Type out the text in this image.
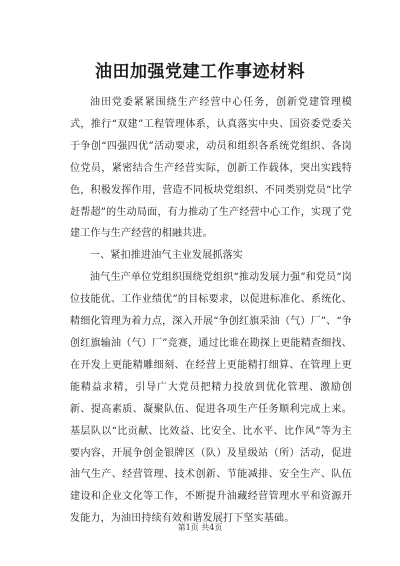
油田加强党建工作事迹材料

油田党委紧紧围绕生产经营中心任务，创新党建管理模式，推行“双建”工程管理体系，认真落实中央、国资委党委关于争创“四强四优”活动要求，动员和组织各系统党组织、各岗位党员，紧密结合生产经营实际，创新工作载体，突出实践特色，积极发挥作用，营造不同板块党组织、不同类别党员“比学赶帮超”的生动局面，有力推动了生产经营中心工作，实现了党建工作与生产经营的相融共进。

一、紧扣推进油气主业发展抓落实

油气生产单位党组织围绕党组织“推动发展力强”和党员“岗位技能优、工作业绩优”的目标要求，以促进标准化、系统化、精细化管理为着力点，深入开展“争创红旗采油（气）厂”、“争创红旗输油（气）厂”竞赛，通过比谁在勘探上更能精查细找、在开发上更能精雕细刻、在经营上更能精打细算、在管理上更能精益求精，引导广大党员把精力投放到优化管理、激励创新、提高素质、凝聚队伍、促进各项生产任务顺利完成上来。基层队以“比贡献、比效益、比安全、比水平、比作风”等为主要内容，开展争创金银牌区（队）及星级站（所）活动，促进油气生产、经营管理、技术创新、节能减排、安全生产、队伍建设和企业文化等工作，不断提升油藏经营管理水平和资源开发能力，为油田持续有效和谐发展打下坚实基础。

第1页 共4页
